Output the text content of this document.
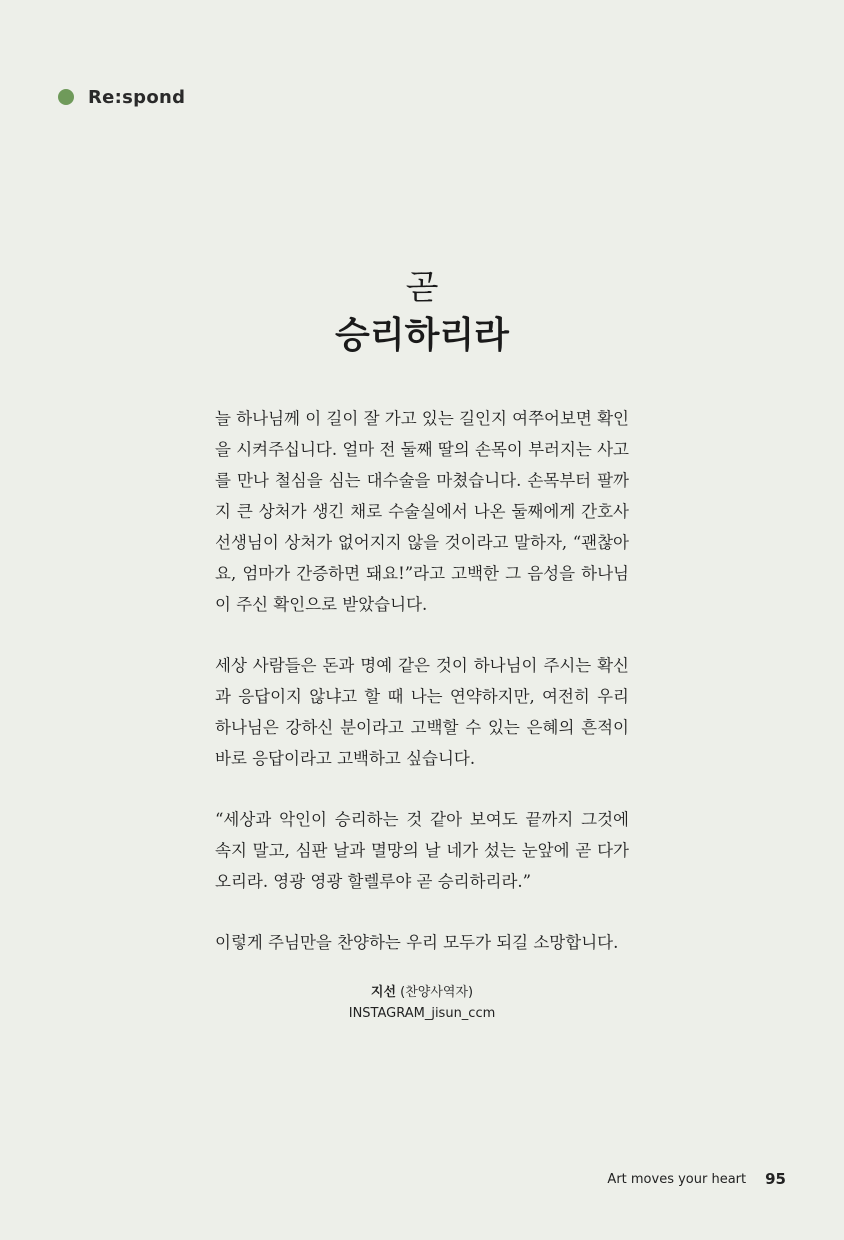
Re:spond
곧
승리하리라

늘 하나님께 이 길이 잘 가고 있는 길인지 여쭈어보면 확인을 시켜주십니다. 얼마 전 둘째 딸의 손목이 부러지는 사고를 만나 철심을 심는 대수술을 마쳤습니다. 손목부터 팔까지 큰 상처가 생긴 채로 수술실에서 나온 둘째에게 간호사 선생님이 상처가 없어지지 않을 것이라고 말하자, “괜찮아요, 엄마가 간증하면 돼요!”라고 고백한 그 음성을 하나님이 주신 확인으로 받았습니다.

세상 사람들은 돈과 명예 같은 것이 하나님이 주시는 확신과 응답이지 않냐고 할 때 나는 연약하지만, 여전히 우리 하나님은 강하신 분이라고 고백할 수 있는 은혜의 흔적이 바로 응답이라고 고백하고 싶습니다.

“세상과 악인이 승리하는 것 같아 보여도 끝까지 그것에 속지 말고, 심판 날과 멸망의 날 네가 섰는 눈앞에 곧 다가오리라. 영광 영광 할렐루야 곧 승리하리라.”

이렇게 주님만을 찬양하는 우리 모두가 되길 소망합니다.

지선 (찬양사역자)
INSTAGRAM_jisun_ccm
Art moves your heart 95
